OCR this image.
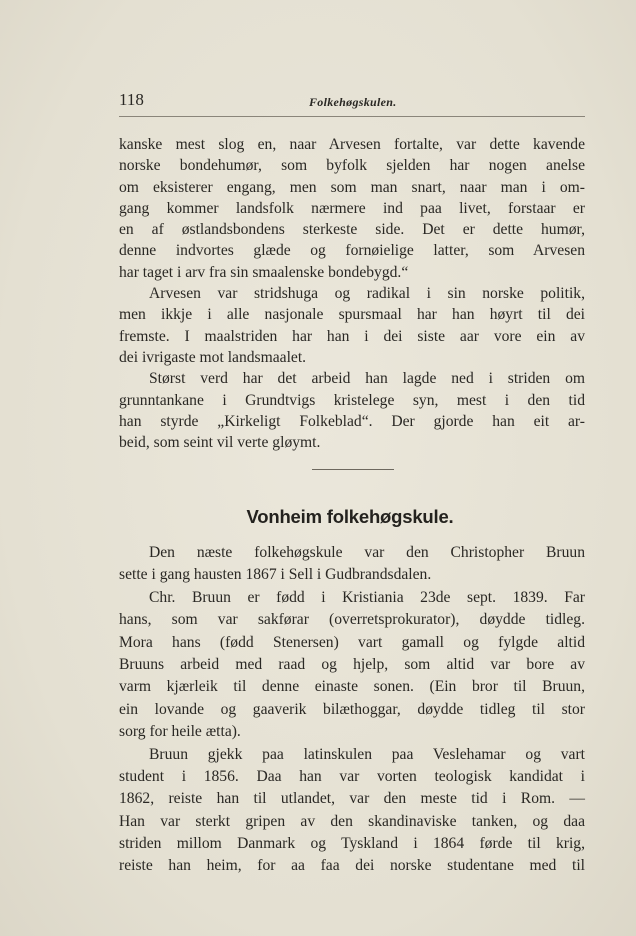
118	Folkehøgskulen.
kanske mest slog en, naar Arvesen fortalte, var dette kavende
norske bondehumør, som byfolk sjelden har nogen anelse
om eksisterer engang, men som man snart, naar man i om-
gang kommer landsfolk nærmere ind paa livet, forstaar er
en af østlandsbondens sterkeste side. Det er dette humør,
denne indvortes glæde og fornøielige latter, som Arvesen
har taget i arv fra sin smaalenske bondebygd.“
Arvesen var stridshuga og radikal i sin norske politik,
men ikkje i alle nasjonale spursmaal har han høyrt til dei
fremste. I maalstriden har han i dei siste aar vore ein av
dei ivrigaste mot landsmaalet.
Størst verd har det arbeid han lagde ned i striden om
grunntankane i Grundtvigs kristelege syn, mest i den tid
han styrde „Kirkeligt Folkeblad“. Der gjorde han eit ar-
beid, som seint vil verte gløymt.
Vonheim folkehøgskule.
Den næste folkehøgskule var den Christopher Bruun
sette i gang hausten 1867 i Sell i Gudbrandsdalen.
Chr. Bruun er fødd i Kristiania 23de sept. 1839. Far
hans, som var sakførar (overretsprokurator), døydde tidleg.
Mora hans (fødd Stenersen) vart gamall og fylgde altid
Bruuns arbeid med raad og hjelp, som altid var bore av
varm kjærleik til denne einaste sonen. (Ein bror til Bruun,
ein lovande og gaaverik bilæthoggar, døydde tidleg til stor
sorg for heile ætta).
Bruun gjekk paa latinskulen paa Veslehamar og vart
student i 1856. Daa han var vorten teologisk kandidat i
1862, reiste han til utlandet, var den meste tid i Rom. —
Han var sterkt gripen av den skandinaviske tanken, og daa
striden millom Danmark og Tyskland i 1864 førde til krig,
reiste han heim, for aa faa dei norske studentane med til
